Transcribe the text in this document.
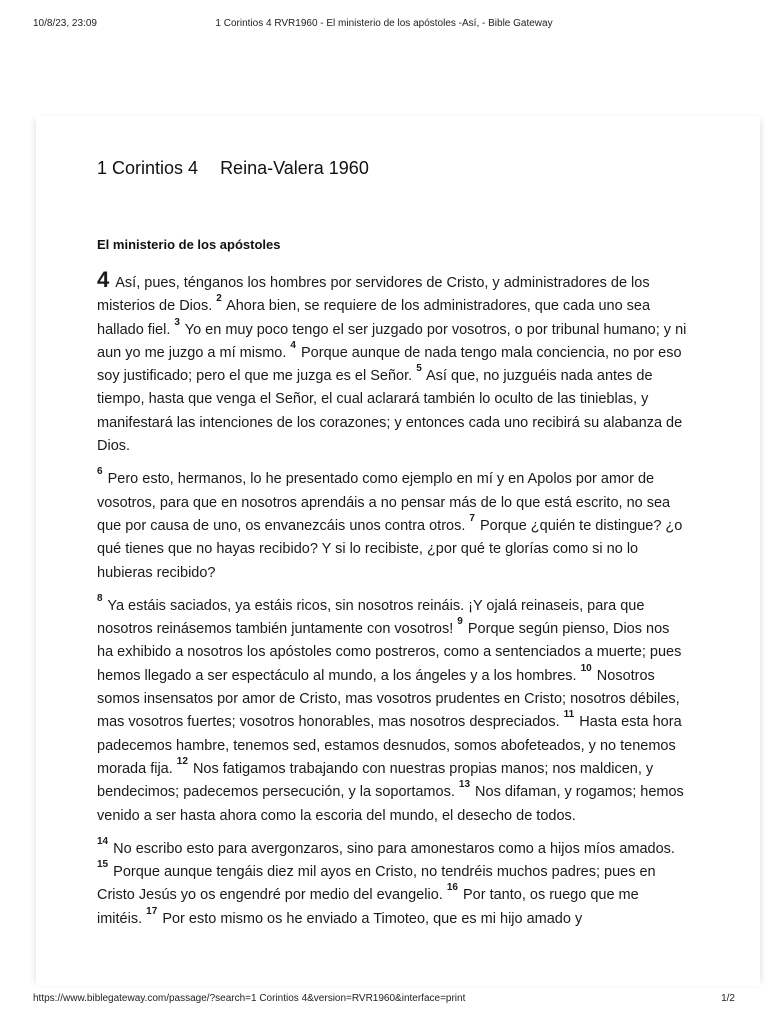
10/8/23, 23:09	1 Corintios 4 RVR1960 - El ministerio de los apóstoles -Así, - Bible Gateway
1 Corintios 4 Reina-Valera 1960
El ministerio de los apóstoles

4 Así, pues, ténganos los hombres por servidores de Cristo, y administradores de los misterios de Dios. $^2$ Ahora bien, se requiere de los administradores, que cada uno sea hallado fiel. $^3$ Yo en muy poco tengo el ser juzgado por vosotros, o por tribunal humano; y ni aun yo me juzgo a mí mismo. $^4$ Porque aunque de nada tengo mala conciencia, no por eso soy justificado; pero el que me juzga es el Señor. $^5$ Así que, no juzguéis nada antes de tiempo, hasta que venga el Señor, el cual aclarará también lo oculto de las tinieblas, y manifestará las intenciones de los corazones; y entonces cada uno recibirá su alabanza de Dios.

$^6$ Pero esto, hermanos, lo he presentado como ejemplo en mí y en Apolos por amor de vosotros, para que en nosotros aprendáis a no pensar más de lo que está escrito, no sea que por causa de uno, os envanezcáis unos contra otros. $^7$ Porque ¿quién te distingue? ¿o qué tienes que no hayas recibido? Y si lo recibiste, ¿por qué te glorías como si no lo hubieras recibido?

$^8$ Ya estáis saciados, ya estáis ricos, sin nosotros reináis. ¡Y ojalá reinaseis, para que nosotros reinásemos también juntamente con vosotros! $^9$ Porque según pienso, Dios nos ha exhibido a nosotros los apóstoles como postreros, como a sentenciados a muerte; pues hemos llegado a ser espectáculo al mundo, a los ángeles y a los hombres. $^{10}$ Nosotros somos insensatos por amor de Cristo, mas vosotros prudentes en Cristo; nosotros débiles, mas vosotros fuertes; vosotros honorables, mas nosotros despreciados. $^{11}$ Hasta esta hora padecemos hambre, tenemos sed, estamos desnudos, somos abofeteados, y no tenemos morada fija. $^{12}$ Nos fatigamos trabajando con nuestras propias manos; nos maldicen, y bendecimos; padecemos persecución, y la soportamos. $^{13}$ Nos difaman, y rogamos; hemos venido a ser hasta ahora como la escoria del mundo, el desecho de todos.

$^{14}$ No escribo esto para avergonzaros, sino para amonestaros como a hijos míos amados. $^{15}$ Porque aunque tengáis diez mil ayos en Cristo, no tendréis muchos padres; pues en Cristo Jesús yo os engendré por medio del evangelio. $^{16}$ Por tanto, os ruego que me imitéis. $^{17}$ Por esto mismo os he enviado a Timoteo, que es mi hijo amado y

https://www.biblegateway.com/passage/?search=1 Corintios 4&version=RVR1960&interface=print	1/2
